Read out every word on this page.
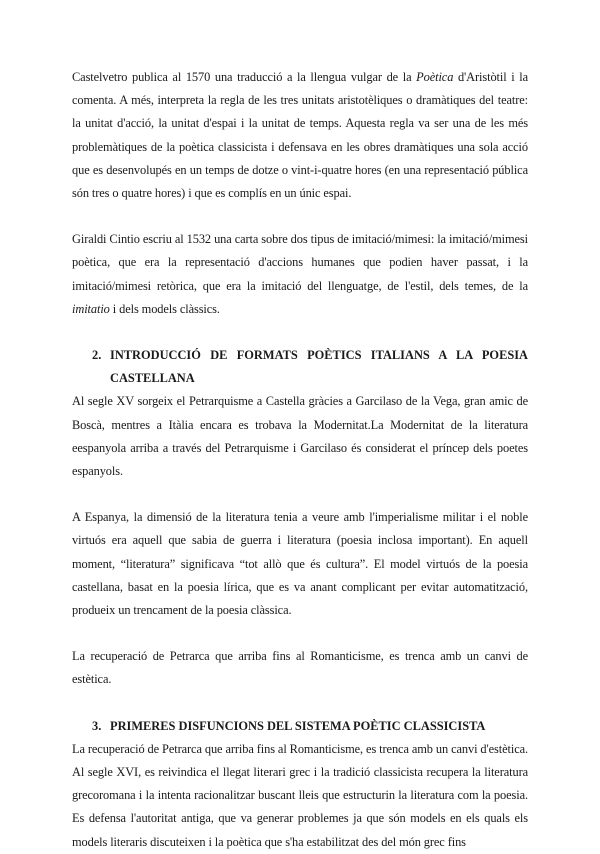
Castelvetro publica al 1570 una traducció a la llengua vulgar de la Poètica d'Aristòtil i la comenta. A més, interpreta la regla de les tres unitats aristotèliques o dramàtiques del teatre: la unitat d'acció, la unitat d'espai i la unitat de temps. Aquesta regla va ser una de les més problemàtiques de la poètica classicista i defensava en les obres dramàtiques una sola acció que es desenvolupés en un temps de dotze o vint-i-quatre hores (en una representació pública són tres o quatre hores) i que es complís en un únic espai.

Giraldi Cintio escriu al 1532 una carta sobre dos tipus de imitació/mimesi: la imitació/mimesi poètica, que era la representació d'accions humanes que podien haver passat, i la imitació/mimesi retòrica, que era la imitació del llenguatge, de l'estil, dels temes, de la imitatio i dels models clàssics.

2. INTRODUCCIÓ DE FORMATS POÈTICS ITALIANS A LA POESIA CASTELLANA

Al segle XV sorgeix el Petrarquisme a Castella gràcies a Garcilaso de la Vega, gran amic de Boscà, mentres a Itàlia encara es trobava la Modernitat.La Modernitat de la literatura eespanyola arriba a través del Petrarquisme i Garcilaso és considerat el príncep dels poetes espanyols.

A Espanya, la dimensió de la literatura tenia a veure amb l'imperialisme militar i el noble virtuós era aquell que sabia de guerra i literatura (poesia inclosa important). En aquell moment, “literatura” significava “tot allò que és cultura”. El model virtuós de la poesia castellana, basat en la poesia lírica, que es va anant complicant per evitar automatització, produeix un trencament de la poesia clàssica.

La recuperació de Petrarca que arriba fins al Romanticisme, es trenca amb un canvi de estètica.

3. PRIMERES DISFUNCIONS DEL SISTEMA POÈTIC CLASSICISTA

La recuperació de Petrarca que arriba fins al Romanticisme, es trenca amb un canvi d'estètica. Al segle XVI, es reivindica el llegat literari grec i la tradició classicista recupera la literatura grecoromana i la intenta racionalitzar buscant lleis que estructurin la literatura com la poesia. Es defensa l'autoritat antiga, que va generar problemes ja que són models en els quals els models literaris discuteixen i la poètica que s'ha estabilitzat des del món grec fins
